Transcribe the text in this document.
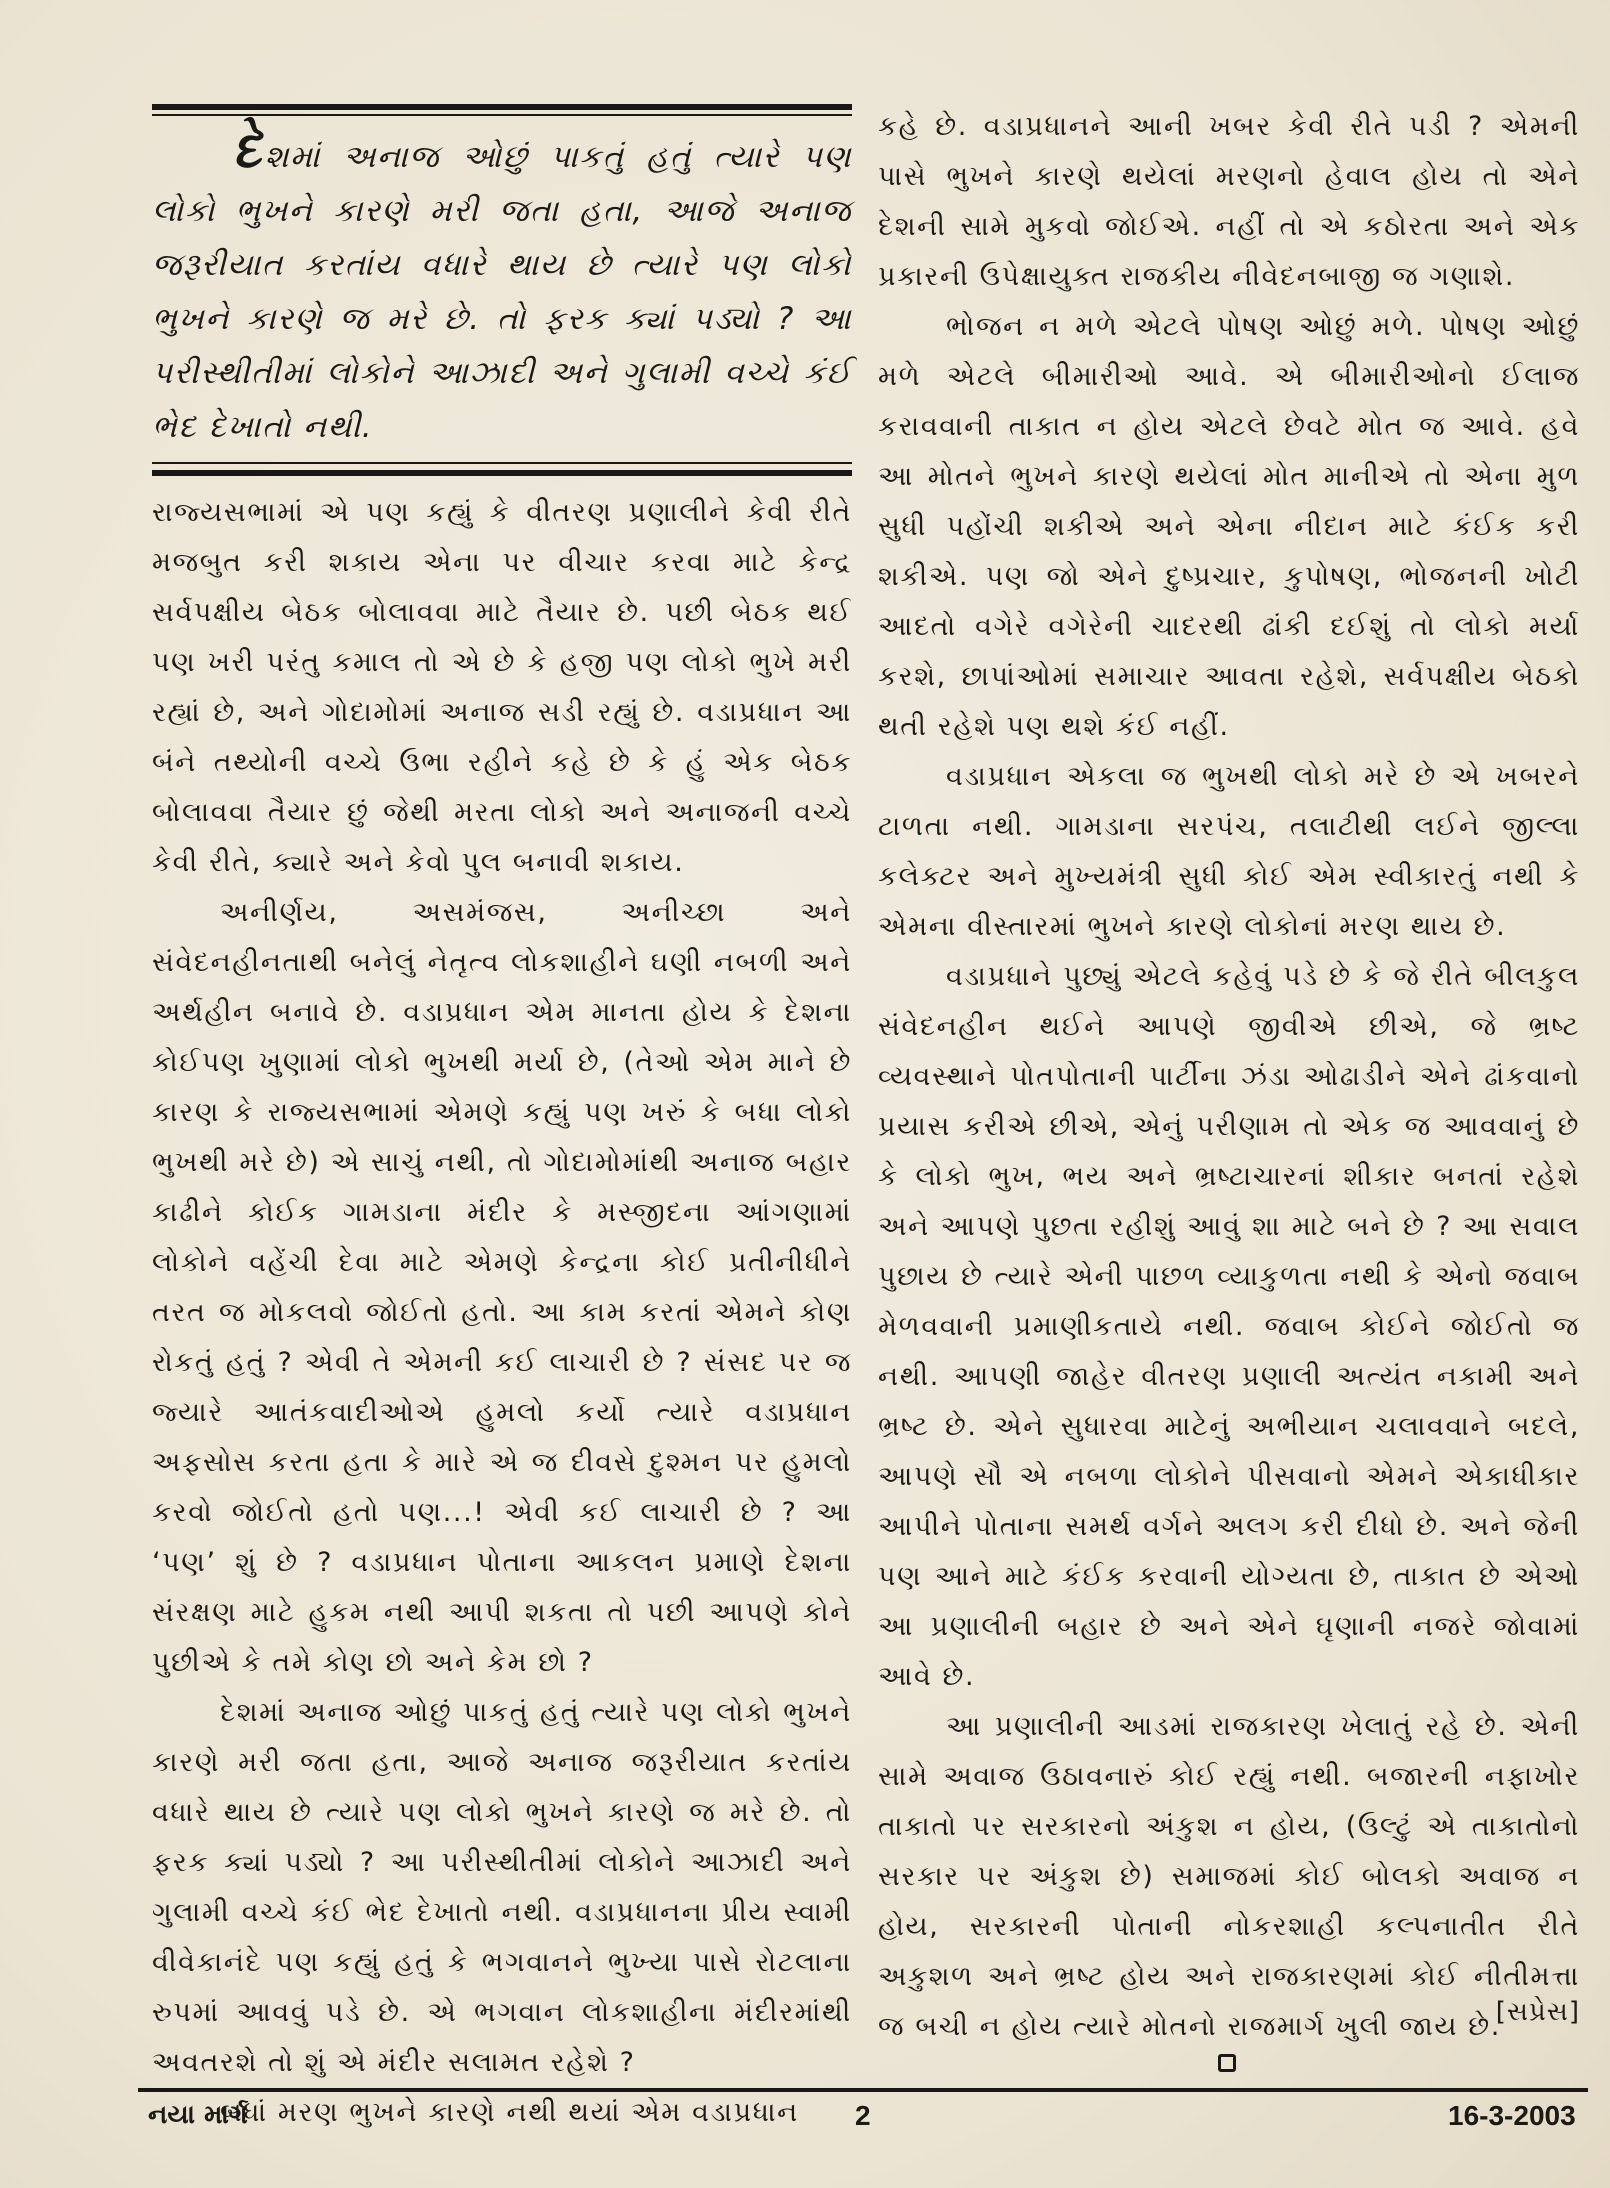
દેશમાં અનાજ ઓછું પાકતું હતું ત્યારે પણ લોકો ભુખને કારણે મરી જતા હતા, આજે અનાજ જરૂરીયાત કરતાંય વધારે થાય છે ત્યારે પણ લોકો ભુખને કારણે જ મરે છે. તો ફરક ક્યાં પડ્યો ? આ પરીસ્થીતીમાં લોકોને આઝાદી અને ગુલામી વચ્ચે કંઈ ભેદ દેખાતો નથી.

રાજ્યસભામાં એ પણ કહ્યું કે વીતરણ પ્રણાલીને કેવી રીતે મજબુત કરી શકાય એના પર વીચાર કરવા માટે કેન્દ્ર સર્વપક્ષીય બેઠક બોલાવવા માટે તૈયાર છે. પછી બેઠક થઈ પણ ખરી પરંતુ કમાલ તો એ છે કે હજી પણ લોકો ભુખે મરી રહ્યાં છે, અને ગોદામોમાં અનાજ સડી રહ્યું છે. વડાપ્રધાન આ બંને તથ્યોની વચ્ચે ઉભા રહીને કહે છે કે હું એક બેઠક બોલાવવા તૈયાર છું જેથી મરતા લોકો અને અનાજની વચ્ચે કેવી રીતે, ક્યારે અને કેવો પુલ બનાવી શકાય.

અનીર્ણય, અસમંજસ, અનીચ્છા અને સંવેદનહીનતાથી બનેલું નેતૃત્વ લોકશાહીને ઘણી નબળી અને અર્થહીન બનાવે છે. વડાપ્રધાન એમ માનતા હોય કે દેશના કોઈપણ ખુણામાં લોકો ભુખથી મર્યા છે, (તેઓ એમ માને છે કારણ કે રાજ્યસભામાં એમણે કહ્યું પણ ખરું કે બધા લોકો ભુખથી મરે છે) એ સાચું નથી, તો ગોદામોમાંથી અનાજ બહાર કાઢીને કોઈક ગામડાના મંદીર કે મસ્જીદના આંગણામાં લોકોને વહેંચી દેવા માટે એમણે કેન્દ્રના કોઈ પ્રતીનીધીને તરત જ મોકલવો જોઈતો હતો. આ કામ કરતાં એમને કોણ રોકતું હતું ? એવી તે એમની કઈ લાચારી છે ? સંસદ પર જ જ્યારે આતંકવાદીઓએ હુમલો કર્યો ત્યારે વડાપ્રધાન અફસોસ કરતા હતા કે મારે એ જ દીવસે દુશ્મન પર હુમલો કરવો જોઈતો હતો પણ...! એવી કઈ લાચારી છે ? આ ‘પણ’ શું છે ? વડાપ્રધાન પોતાના આકલન પ્રમાણે દેશના સંરક્ષણ માટે હુકમ નથી આપી શકતા તો પછી આપણે કોને પુછીએ કે તમે કોણ છો અને કેમ છો ?

દેશમાં અનાજ ઓછું પાકતું હતું ત્યારે પણ લોકો ભુખને કારણે મરી જતા હતા, આજે અનાજ જરૂરીયાત કરતાંય વધારે થાય છે ત્યારે પણ લોકો ભુખને કારણે જ મરે છે. તો ફરક ક્યાં પડ્યો ? આ પરીસ્થીતીમાં લોકોને આઝાદી અને ગુલામી વચ્ચે કંઈ ભેદ દેખાતો નથી. વડાપ્રધાનના પ્રીય સ્વામી વીવેકાનંદે પણ કહ્યું હતું કે ભગવાનને ભુખ્યા પાસે રોટલાના રુપમાં આવવું પડે છે. એ ભગવાન લોકશાહીના મંદીરમાંથી અવતરશે તો શું એ મંદીર સલામત રહેશે ?

બધાં મરણ ભુખને કારણે નથી થયાં એમ વડાપ્રધાન

કહે છે. વડાપ્રધાનને આની ખબર કેવી રીતે પડી ? એમની પાસે ભુખને કારણે થયેલાં મરણનો હેવાલ હોય તો એને દેશની સામે મુકવો જોઈએ. નહીં તો એ કઠોરતા અને એક પ્રકારની ઉપેક્ષાયુક્ત રાજકીય નીવેદનબાજી જ ગણાશે.

ભોજન ન મળે એટલે પોષણ ઓછું મળે. પોષણ ઓછું મળે એટલે બીમારીઓ આવે. એ બીમારીઓનો ઈલાજ કરાવવાની તાકાત ન હોય એટલે છેવટે મોત જ આવે. હવે આ મોતને ભુખને કારણે થયેલાં મોત માનીએ તો એના મુળ સુધી પહોંચી શકીએ અને એના નીદાન માટે કંઈક કરી શકીએ. પણ જો એને દુષ્પ્રચાર, કુપોષણ, ભોજનની ખોટી આદતો વગેરે વગેરેની ચાદરથી ઢાંકી દઈશું તો લોકો મર્યા કરશે, છાપાંઓમાં સમાચાર આવતા રહેશે, સર્વપક્ષીય બેઠકો થતી રહેશે પણ થશે કંઈ નહીં.

વડાપ્રધાન એકલા જ ભુખથી લોકો મરે છે એ ખબરને ટાળતા નથી. ગામડાના સરપંચ, તલાટીથી લઈને જીલ્લા કલેક્ટર અને મુખ્યમંત્રી સુધી કોઈ એમ સ્વીકારતું નથી કે એમના વીસ્તારમાં ભુખને કારણે લોકોનાં મરણ થાય છે.

વડાપ્રધાને પુછ્યું એટલે કહેવું પડે છે કે જે રીતે બીલકુલ સંવેદનહીન થઈને આપણે જીવીએ છીએ, જે ભ્રષ્ટ વ્યવસ્થાને પોતપોતાની પાર્ટીના ઝંડા ઓઢાડીને એને ઢાંકવાનો પ્રયાસ કરીએ છીએ, એનું પરીણામ તો એક જ આવવાનું છે કે લોકો ભુખ, ભય અને ભ્રષ્ટાચારનાં શીકાર બનતાં રહેશે અને આપણે પુછતા રહીશું આવું શા માટે બને છે ? આ સવાલ પુછાય છે ત્યારે એની પાછળ વ્યાકુળતા નથી કે એનો જવાબ મેળવવાની પ્રમાણીકતાયે નથી. જવાબ કોઈને જોઈતો જ નથી. આપણી જાહેર વીતરણ પ્રણાલી અત્યંત નકામી અને ભ્રષ્ટ છે. એને સુધારવા માટેનું અભીયાન ચલાવવાને બદલે, આપણે સૌ એ નબળા લોકોને પીસવાનો એમને એકાધીકાર આપીને પોતાના સમર્થ વર્ગને અલગ કરી દીધો છે. અને જેની પણ આને માટે કંઈક કરવાની યોગ્યતા છે, તાકાત છે એઓ આ પ્રણાલીની બહાર છે અને એને ઘૃણાની નજરે જોવામાં આવે છે.

આ પ્રણાલીની આડમાં રાજકારણ ખેલાતું રહે છે. એની સામે અવાજ ઉઠાવનારું કોઈ રહ્યું નથી. બજારની નફાખોર તાકાતો પર સરકારનો અંકુશ ન હોય, (ઉલ્ટું એ તાકાતોનો સરકાર પર અંકુશ છે) સમાજમાં કોઈ બોલકો અવાજ ન હોય, સરકારની પોતાની નોકરશાહી કલ્પનાતીત રીતે અકુશળ અને ભ્રષ્ટ હોય અને રાજકારણમાં કોઈ નીતીમત્તા જ બચી ન હોય ત્યારે મોતનો રાજમાર્ગ ખુલી જાય છે.

[સપ્રેસ]
નયા માર્ગ	2	16-3-2003
